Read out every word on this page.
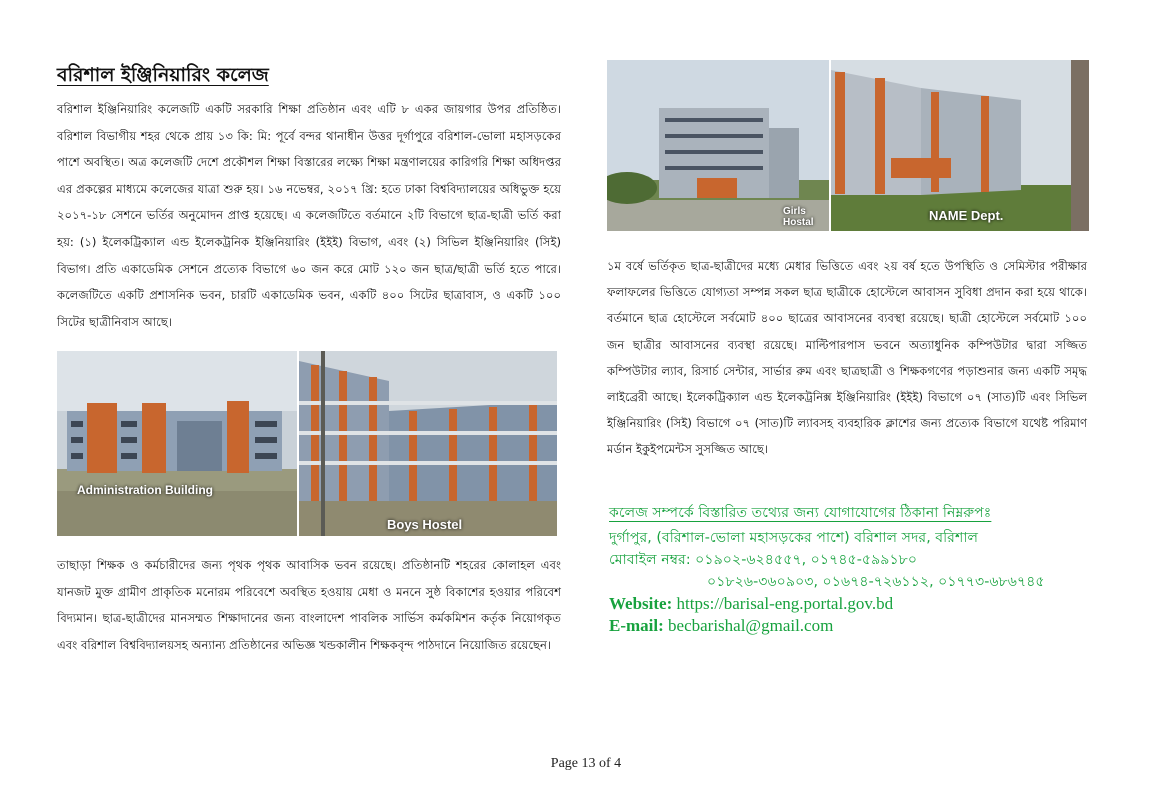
বরিশাল ইঞ্জিনিয়ারিং কলেজ

বরিশাল ইঞ্জিনিয়ারিং কলেজটি একটি সরকারি শিক্ষা প্রতিষ্ঠান এবং এটি ৮ একর জায়গার উপর প্রতিষ্ঠিত। বরিশাল বিভাগীয় শহর থেকে প্রায় ১৩ কি: মি: পূর্বে বন্দর থানাধীন উত্তর দূর্গাপুরে বরিশাল-ভোলা মহাসড়কের পাশে অবস্থিত। অত্র কলেজটি দেশে প্রকৌশল শিক্ষা বিস্তারের লক্ষ্যে শিক্ষা মন্ত্রণালয়ের কারিগরি শিক্ষা অধিদপ্তর এর প্রকল্পের মাধ্যমে কলেজের যাত্রা শুরু হয়। ১৬ নভেম্বর, ২০১৭ খ্রি: হতে ঢাকা বিশ্ববিদ্যালয়ের অধিভুক্ত হয়ে ২০১৭-১৮ সেশনে ভর্তির অনুমোদন প্রাপ্ত হয়েছে। এ কলেজটিতে বর্তমানে ২টি বিভাগে ছাত্র-ছাত্রী ভর্তি করা হয়: (১) ইলেকট্রিক্যাল এন্ড ইলেকট্রনিক ইঞ্জিনিয়ারিং (ইইই) বিভাগ, এবং (২) সিভিল ইঞ্জিনিয়ারিং (সিই) বিভাগ। প্রতি একাডেমিক সেশনে প্রত্যেক বিভাগে ৬০ জন করে মোট ১২০ জন ছাত্র/ছাত্রী ভর্তি হতে পারে। কলেজটিতে একটি প্রশাসনিক ভবন, চারটি একাডেমিক ভবন, একটি ৪০০ সিটের ছাত্রাবাস, ও একটি ১০০ সিটের ছাত্রীনিবাস আছে।

Administration Building
Boys Hostel

তাছাড়া শিক্ষক ও কর্মচারীদের জন্য পৃথক পৃথক আবাসিক ভবন রয়েছে। প্রতিষ্ঠানটি শহরের কোলাহল এবং যানজট মুক্ত গ্রামীণ প্রাকৃতিক মনোরম পরিবেশে অবস্থিত হওয়ায় মেধা ও মননে সুষ্ঠ বিকাশের হওয়ার পরিবেশ বিদ্যমান। ছাত্র-ছাত্রীদের মানসম্মত শিক্ষাদানের জন্য বাংলাদেশ পাবলিক সার্ভিস কর্মকমিশন কর্তৃক নিয়োগকৃত এবং বরিশাল বিশ্ববিদ্যালয়সহ অন্যান্য প্রতিষ্ঠানের অভিজ্ঞ খন্ডকালীন শিক্ষকবৃন্দ পাঠদানে নিয়োজিত রয়েছেন।

Girls Hostal	NAME Dept.

১ম বর্ষে ভর্তিকৃত ছাত্র-ছাত্রীদের মধ্যে মেধার ভিত্তিতে এবং ২য় বর্ষ হতে উপস্থিতি ও সেমিস্টার পরীক্ষার ফলাফলের ভিত্তিতে যোগ্যতা সম্পন্ন সকল ছাত্র ছাত্রীকে হোস্টেলে আবাসন সুবিধা প্রদান করা হয়ে থাকে। বর্তমানে ছাত্র হোস্টেলে সর্বমোট ৪০০ ছাত্রের আবাসনের ব্যবস্থা রয়েছে। ছাত্রী হোস্টেলে সর্বমোট ১০০ জন ছাত্রীর আবাসনের ব্যবস্থা রয়েছে। মাল্টিপারপাস ভবনে অত্যাধুনিক কম্পিউটার দ্বারা সজ্জিত কম্পিউটার ল্যাব, রিসার্চ সেন্টার, সার্ভার রুম এবং ছাত্রছাত্রী ও শিক্ষকগণের পড়াশুনার জন্য একটি সমৃদ্ধ লাইব্রেরী আছে। ইলেকট্রিক্যাল এন্ড ইলেকট্রনিক্স ইঞ্জিনিয়ারিং (ইইই) বিভাগে ০৭ (সাত)টি এবং সিভিল ইঞ্জিনিয়ারিং (সিই) বিভাগে ০৭ (সাত)টি ল্যাবসহ ব্যবহারিক ক্লাশের জন্য প্রত্যেক বিভাগে যথেষ্ট পরিমাণ মর্ডান ইকুইপমেন্টস সুসজ্জিত আছে।

কলেজ সম্পর্কে বিস্তারিত তথ্যের জন্য যোগাযোগের ঠিকানা নিম্নরুপঃ
দুর্গাপুর, (বরিশাল-ভোলা মহাসড়কের পাশে) বরিশাল সদর, বরিশাল
মোবাইল নম্বর: ০১৯০২-৬২৪৫৫৭, ০১৭৪৫-৫৯৯১৮০
০১৮২৬-৩৬০৯০৩, ০১৬৭৪-৭২৬১১২, ০১৭৭৩-৬৮৬৭৪৫
Website: https://barisal-eng.portal.gov.bd
E-mail: becbarishal@gmail.com
Page 13 of 4
